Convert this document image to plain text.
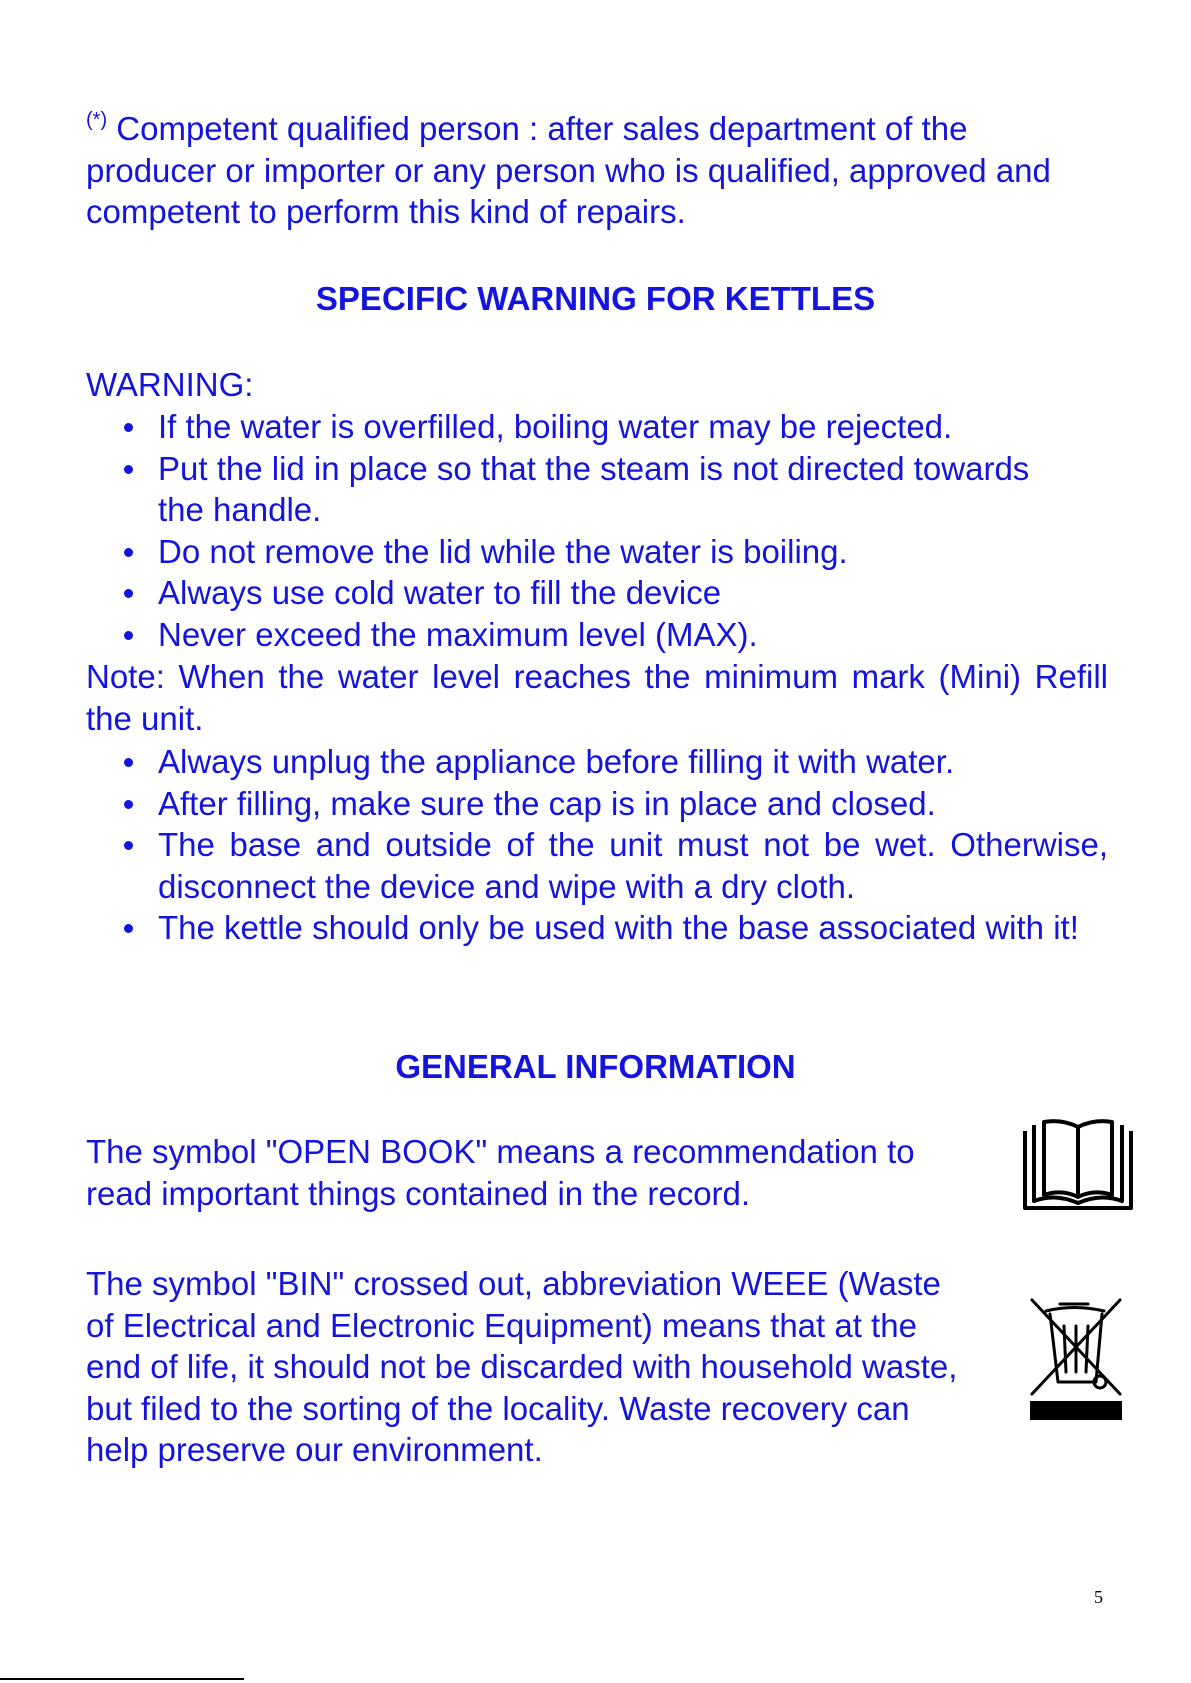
(*) Competent qualified person : after sales department of the producer or importer or any person who is qualified, approved and competent to perform this kind of repairs.
SPECIFIC WARNING FOR KETTLES
WARNING:
If the water is overfilled, boiling water may be rejected.
Put the lid in place so that the steam is not directed towards the handle.
Do not remove the lid while the water is boiling.
Always use cold water to fill the device
Never exceed the maximum level (MAX).
Note: When the water level reaches the minimum mark (Mini) Refill the unit.
Always unplug the appliance before filling it with water.
After filling, make sure the cap is in place and closed.
The base and outside of the unit must not be wet. Otherwise, disconnect the device and wipe with a dry cloth.
The kettle should only be used with the base associated with it!
GENERAL INFORMATION
The symbol "OPEN BOOK" means a recommendation to read important things contained in the record.
The symbol "BIN" crossed out, abbreviation WEEE (Waste of Electrical and Electronic Equipment) means that at the end of life, it should not be discarded with household waste, but filed to the sorting of the locality. Waste recovery can help preserve our environment.
5
